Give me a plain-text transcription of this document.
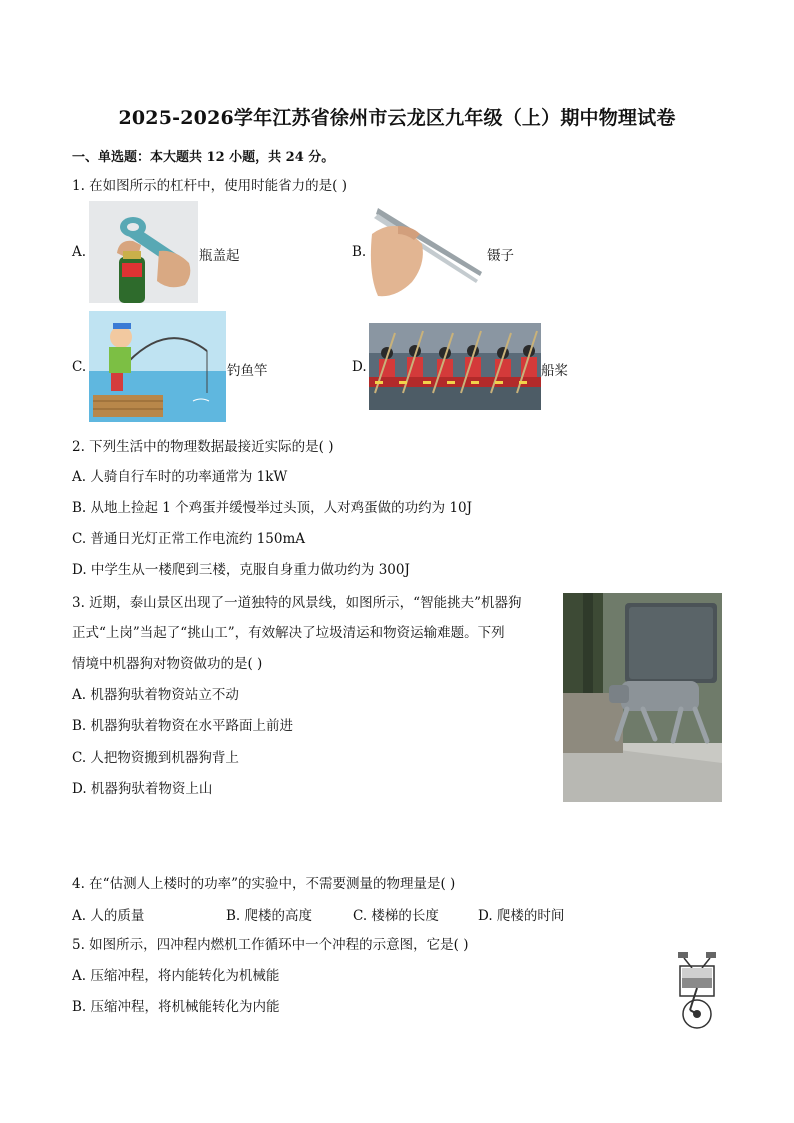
2025-2026学年江苏省徐州市云龙区九年级（上）期中物理试卷
一、单选题：本大题共 12 小题，共 24 分。
1. 在如图所示的杠杆中，使用时能省力的是( )
A.	瓶盖起	B.	镊子
C.	钓鱼竿	D.	船桨
2. 下列生活中的物理数据最接近实际的是( )
A. 人骑自行车时的功率通常为 1kW
B. 从地上捡起 1 个鸡蛋并缓慢举过头顶，人对鸡蛋做的功约为 10J
C. 普通日光灯正常工作电流约 150mA
D. 中学生从一楼爬到三楼，克服自身重力做功约为 300J
3. 近期，泰山景区出现了一道独特的风景线，如图所示，“智能挑夫”机器狗
正式“上岗”当起了“挑山工”，有效解决了垃圾清运和物资运输难题。下列
情境中机器狗对物资做功的是( )
A. 机器狗驮着物资站立不动
B. 机器狗驮着物资在水平路面上前进
C. 人把物资搬到机器狗背上
D. 机器狗驮着物资上山
4. 在“估测人上楼时的功率”的实验中，不需要测量的物理量是( )
A. 人的质量	B. 爬楼的高度	C. 楼梯的长度	D. 爬楼的时间
5. 如图所示，四冲程内燃机工作循环中一个冲程的示意图，它是( )
A. 压缩冲程，将内能转化为机械能
B. 压缩冲程，将机械能转化为内能
